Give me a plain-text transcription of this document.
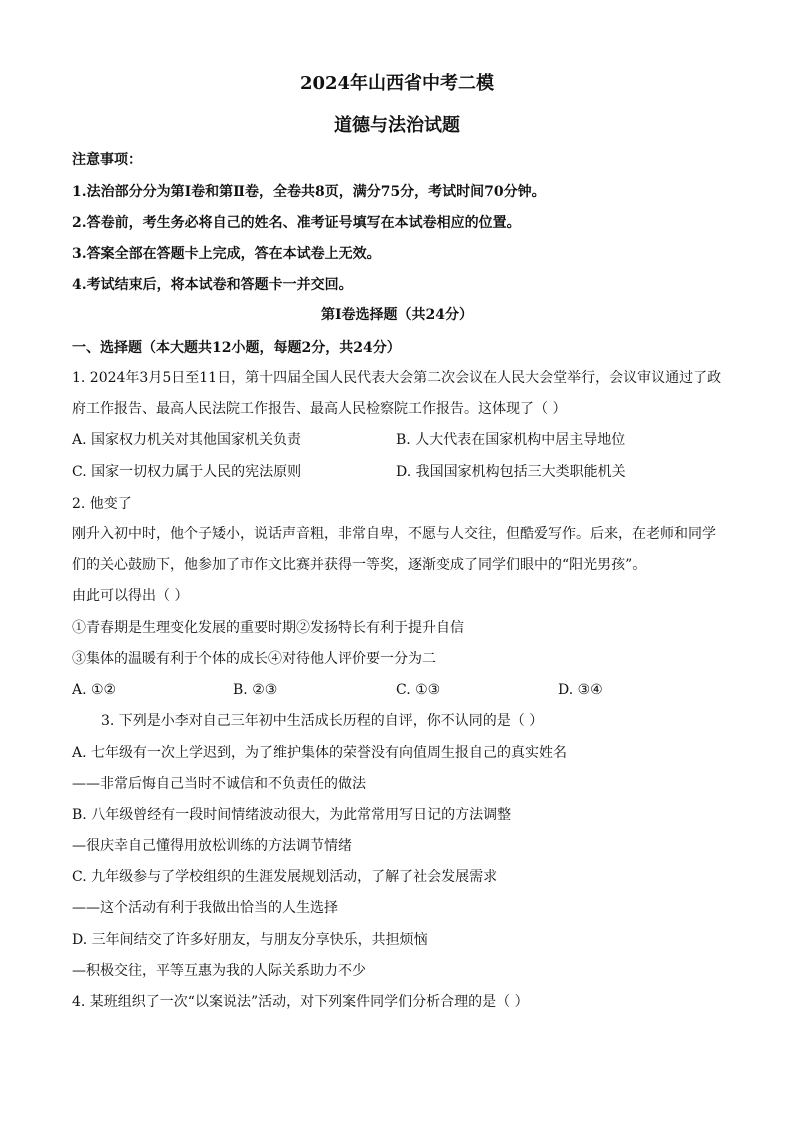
2024年山西省中考二模
道德与法治试题
注意事项：
1.法治部分分为第Ⅰ卷和第Ⅱ卷，全卷共8页，满分75分，考试时间70分钟。
2.答卷前，考生务必将自己的姓名、准考证号填写在本试卷相应的位置。
3.答案全部在答题卡上完成，答在本试卷上无效。
4.考试结束后，将本试卷和答题卡一并交回。
第Ⅰ卷选择题（共24分）
一、选择题（本大题共12小题，每题2分，共24分）
1. 2024年3月5日至11日，第十四届全国人民代表大会第二次会议在人民大会堂举行，会议审议通过了政
府工作报告、最高人民法院工作报告、最高人民检察院工作报告。这体现了（ ）
A. 国家权力机关对其他国家机关负责	B. 人大代表在国家机构中居主导地位
C. 国家一切权力属于人民的宪法原则	D. 我国国家机构包括三大类职能机关
2. 他变了
刚升入初中时，他个子矮小，说话声音粗，非常自卑，不愿与人交往，但酷爱写作。后来，在老师和同学
们的关心鼓励下，他参加了市作文比赛并获得一等奖，逐渐变成了同学们眼中的“阳光男孩”。
由此可以得出（ ）
①青春期是生理变化发展的重要时期②发扬特长有利于提升自信
③集体的温暖有利于个体的成长④对待他人评价要一分为二
A. ①②	B. ②③	C. ①③	D. ③④
3. 下列是小李对自己三年初中生活成长历程的自评，你不认同的是（ ）
A. 七年级有一次上学迟到，为了维护集体的荣誉没有向值周生报自己的真实姓名
——非常后悔自己当时不诚信和不负责任的做法
B. 八年级曾经有一段时间情绪波动很大，为此常常用写日记的方法调整
—很庆幸自己懂得用放松训练的方法调节情绪
C. 九年级参与了学校组织的生涯发展规划活动，了解了社会发展需求
——这个活动有利于我做出恰当的人生选择
D. 三年间结交了许多好朋友，与朋友分享快乐，共担烦恼
—积极交往，平等互惠为我的人际关系助力不少
4. 某班组织了一次“以案说法”活动，对下列案件同学们分析合理的是（ ）
